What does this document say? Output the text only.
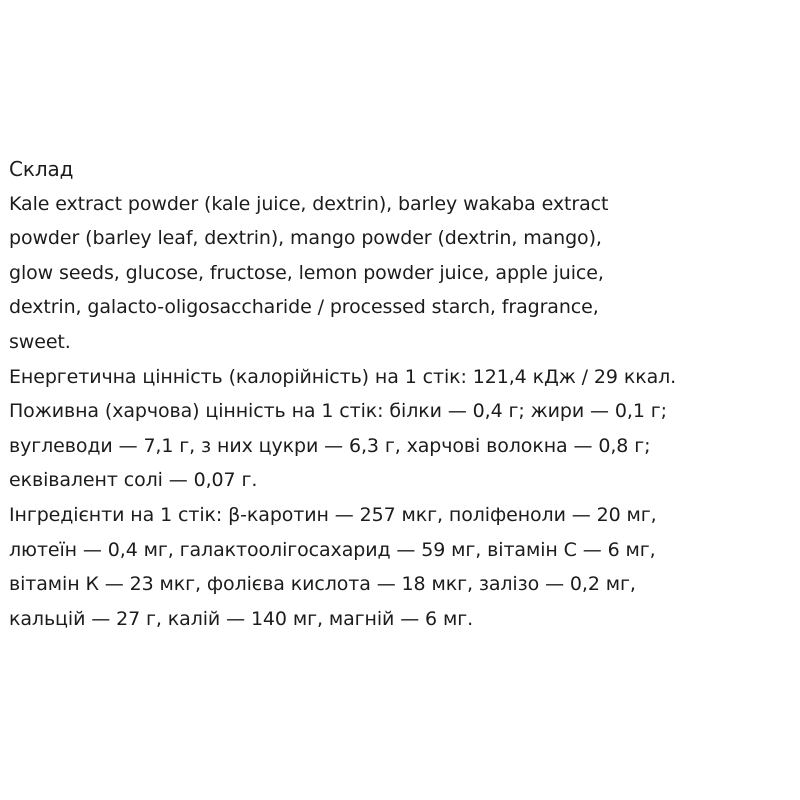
Склад
Kale extract powder (kale juice, dextrin), barley wakaba extract
powder (barley leaf, dextrin), mango powder (dextrin, mango),
glow seeds, glucose, fructose, lemon powder juice, apple juice,
dextrin, galacto-oligosaccharide / processed starch, fragrance,
sweet.
Енергетична цінність (калорійність) на 1 стік: 121,4 кДж / 29 ккал.
Поживна (харчова) цінність на 1 стік: білки — 0,4 г; жири — 0,1 г;
вуглеводи — 7,1 г, з них цукри — 6,3 г, харчові волокна — 0,8 г;
еквівалент солі — 0,07 г.
Інгредієнти на 1 стік: β-каротин — 257 мкг, поліфеноли — 20 мг,
лютеїн — 0,4 мг, галактоолігосахарид — 59 мг, вітамін С — 6 мг,
вітамін К — 23 мкг, фолієва кислота — 18 мкг, залізо — 0,2 мг,
кальцій — 27 г, калій — 140 мг, магній — 6 мг.
